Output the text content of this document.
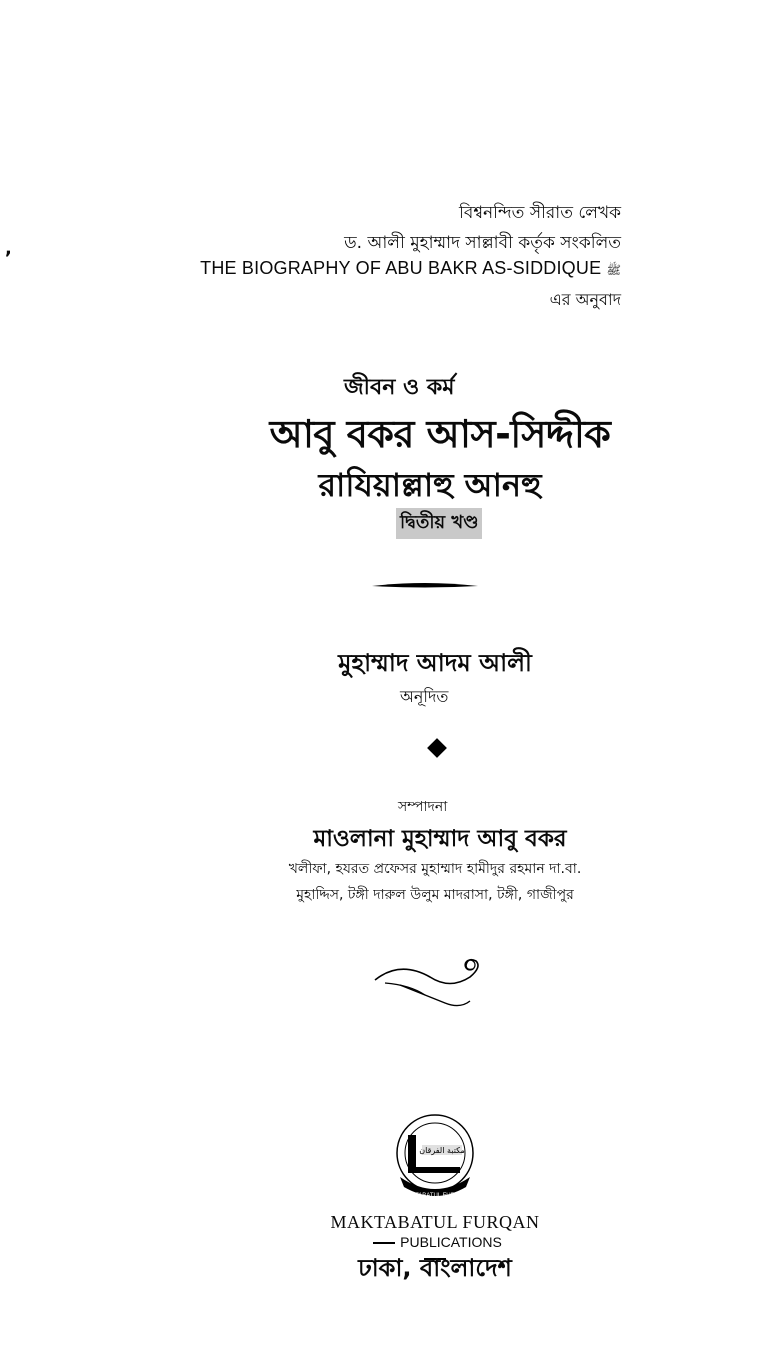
,
বিশ্বনন্দিত সীরাত লেখক
ড. আলী মুহাম্মাদ সাল্লাবী কর্তৃক সংকলিত
THE BIOGRAPHY OF ABU BAKR AS-SIDDIQUE ﷺ
এর অনুবাদ
জীবন ও কর্ম
আবু বকর আস-সিদ্দীক
রাযিয়াল্লাহু আনহু
দ্বিতীয় খণ্ড
মুহাম্মাদ আদম আলী
অনূদিত
সম্পাদনা
মাওলানা মুহাম্মাদ আবু বকর
খলীফা, হযরত প্রফেসর মুহাম্মাদ হামীদুর রহমান দা.বা.
মুহাদ্দিস, টঙ্গী দারুল উলুম মাদরাসা, টঙ্গী, গাজীপুর
مكتبة الفرقان
MAKTABATUL FURQAN
MAKTABATUL FURQAN
PUBLICATIONS
ঢাকা, বাংলাদেশ
